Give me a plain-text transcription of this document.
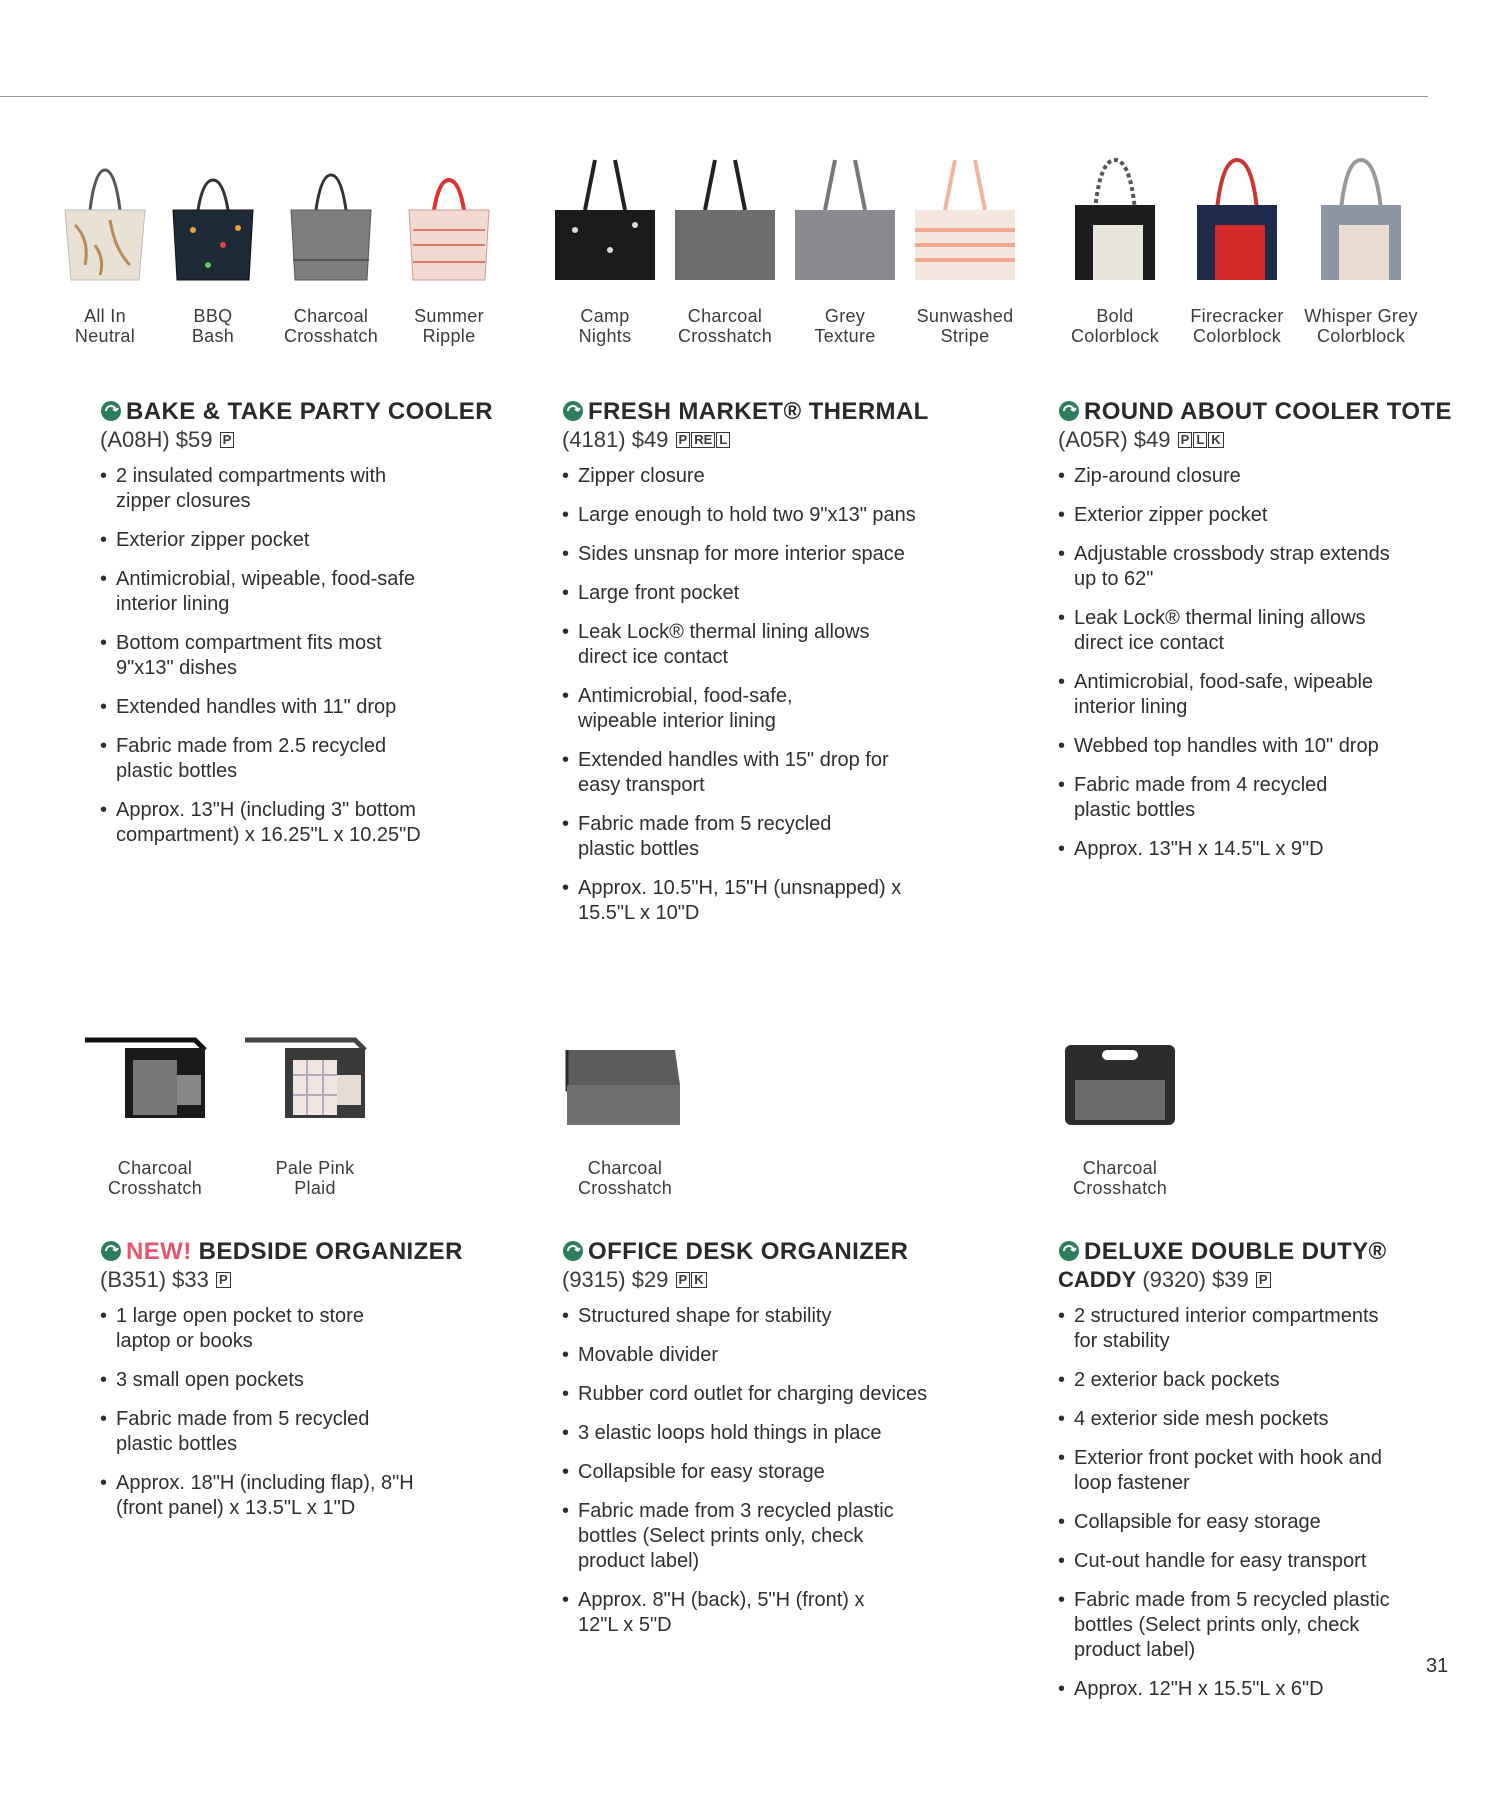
All In
Neutral
BBQ
Bash
Charcoal
Crosshatch
Summer
Ripple
Camp
Nights
Charcoal
Crosshatch
Grey
Texture
Sunwashed
Stripe
Bold
Colorblock
Firecracker
Colorblock
Whisper Grey
Colorblock
BAKE & TAKE PARTY COOLER
(A08H) $59 P
• 2 insulated compartments with zipper closures
• Exterior zipper pocket
• Antimicrobial, wipeable, food-safe interior lining
• Bottom compartment fits most 9"x13" dishes
• Extended handles with 11" drop
• Fabric made from 2.5 recycled plastic bottles
• Approx. 13"H (including 3" bottom compartment) x 16.25"L x 10.25"D
FRESH MARKET® THERMAL
(4181) $49 P RE L
• Zipper closure
• Large enough to hold two 9"x13" pans
• Sides unsnap for more interior space
• Large front pocket
• Leak Lock® thermal lining allows direct ice contact
• Antimicrobial, food-safe, wipeable interior lining
• Extended handles with 15" drop for easy transport
• Fabric made from 5 recycled plastic bottles
• Approx. 10.5"H, 15"H (unsnapped) x 15.5"L x 10"D
ROUND ABOUT COOLER TOTE
(A05R) $49 P L K
• Zip-around closure
• Exterior zipper pocket
• Adjustable crossbody strap extends up to 62"
• Leak Lock® thermal lining allows direct ice contact
• Antimicrobial, food-safe, wipeable interior lining
• Webbed top handles with 10" drop
• Fabric made from 4 recycled plastic bottles
• Approx. 13"H x 14.5"L x 9"D
Charcoal
Crosshatch
Pale Pink
Plaid
Charcoal
Crosshatch
Charcoal
Crosshatch
NEW! BEDSIDE ORGANIZER
(B351) $33 P
• 1 large open pocket to store laptop or books
• 3 small open pockets
• Fabric made from 5 recycled plastic bottles
• Approx. 18"H (including flap), 8"H (front panel) x 13.5"L x 1"D
OFFICE DESK ORGANIZER
(9315) $29 P K
• Structured shape for stability
• Movable divider
• Rubber cord outlet for charging devices
• 3 elastic loops hold things in place
• Collapsible for easy storage
• Fabric made from 3 recycled plastic bottles (Select prints only, check product label)
• Approx. 8"H (back), 5"H (front) x 12"L x 5"D
DELUXE DOUBLE DUTY®
CADDY (9320) $39 P
• 2 structured interior compartments for stability
• 2 exterior back pockets
• 4 exterior side mesh pockets
• Exterior front pocket with hook and loop fastener
• Collapsible for easy storage
• Cut-out handle for easy transport
• Fabric made from 5 recycled plastic bottles (Select prints only, check product label)
• Approx. 12"H x 15.5"L x 6"D
31
